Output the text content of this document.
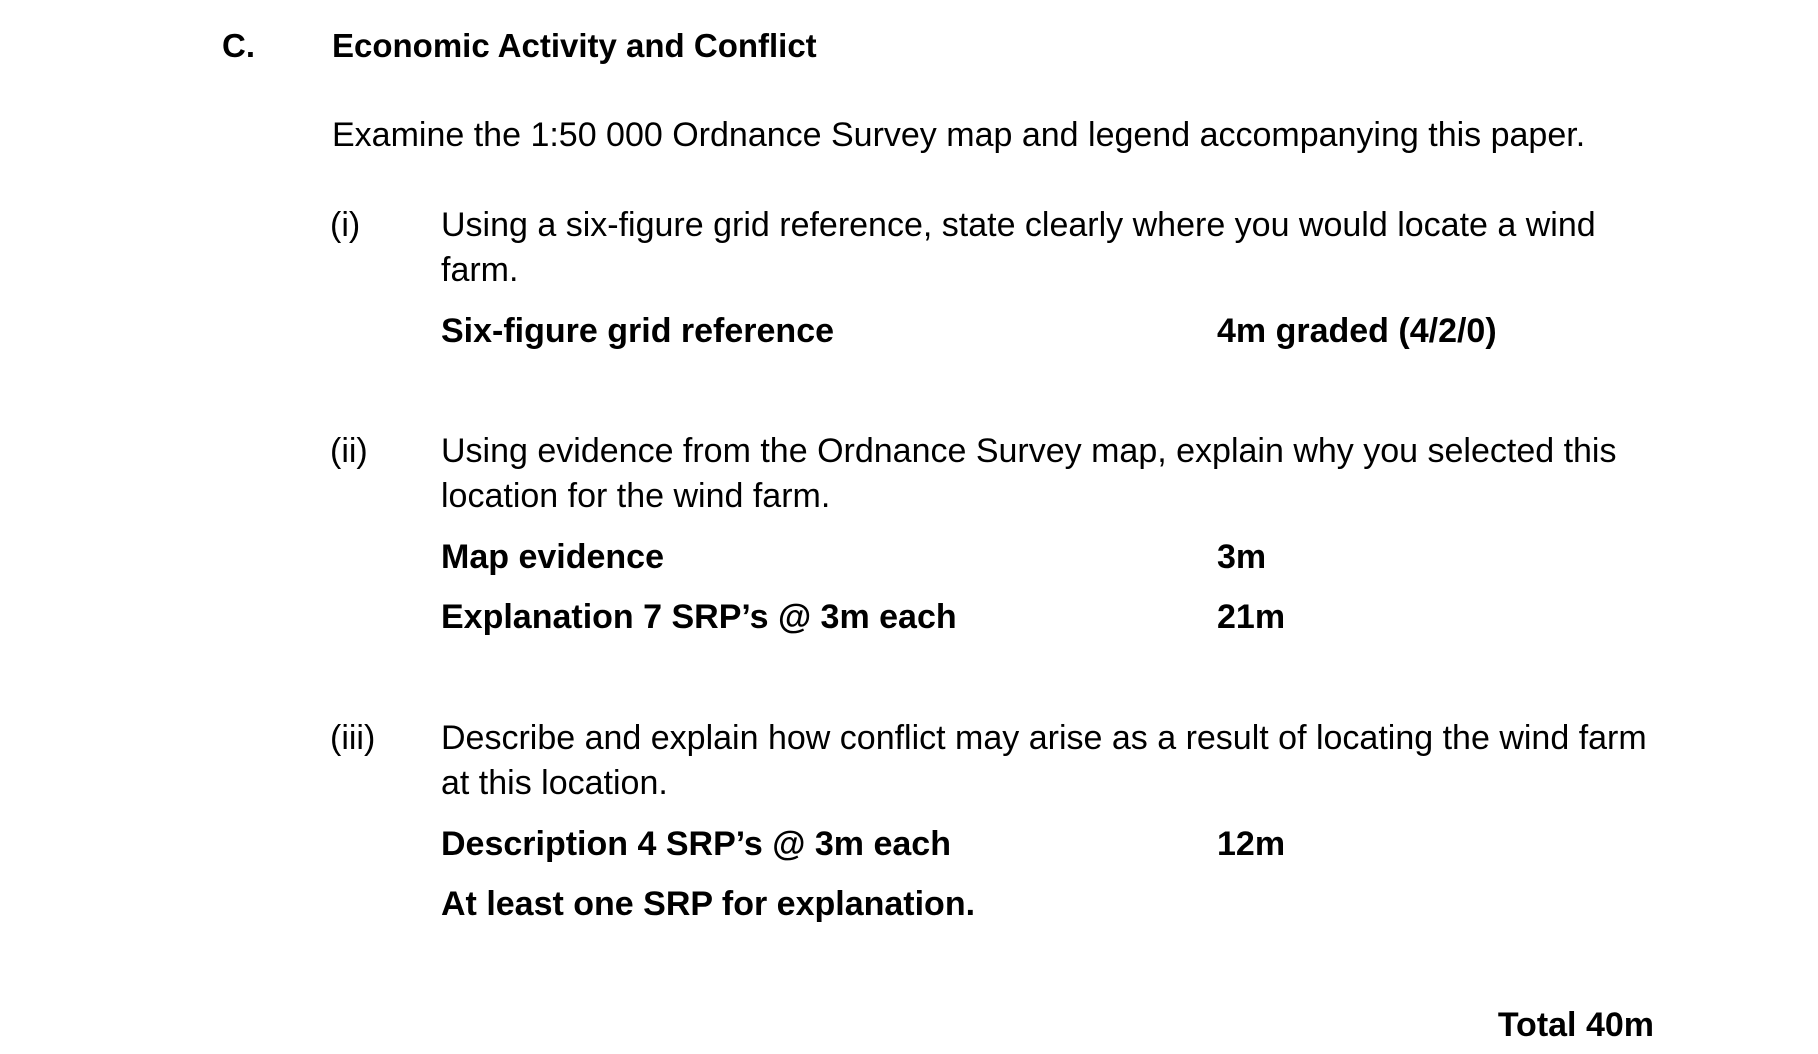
C. Economic Activity and Conflict
Examine the 1:50 000 Ordnance Survey map and legend accompanying this paper.
(i) Using a six-figure grid reference, state clearly where you would locate a wind
farm.
Six-figure grid reference	4m graded (4/2/0)
(ii) Using evidence from the Ordnance Survey map, explain why you selected this
location for the wind farm.
Map evidence	3m
Explanation 7 SRP’s @ 3m each	21m
(iii) Describe and explain how conflict may arise as a result of locating the wind farm
at this location.
Description 4 SRP’s @ 3m each	12m
At least one SRP for explanation.
Total 40m
